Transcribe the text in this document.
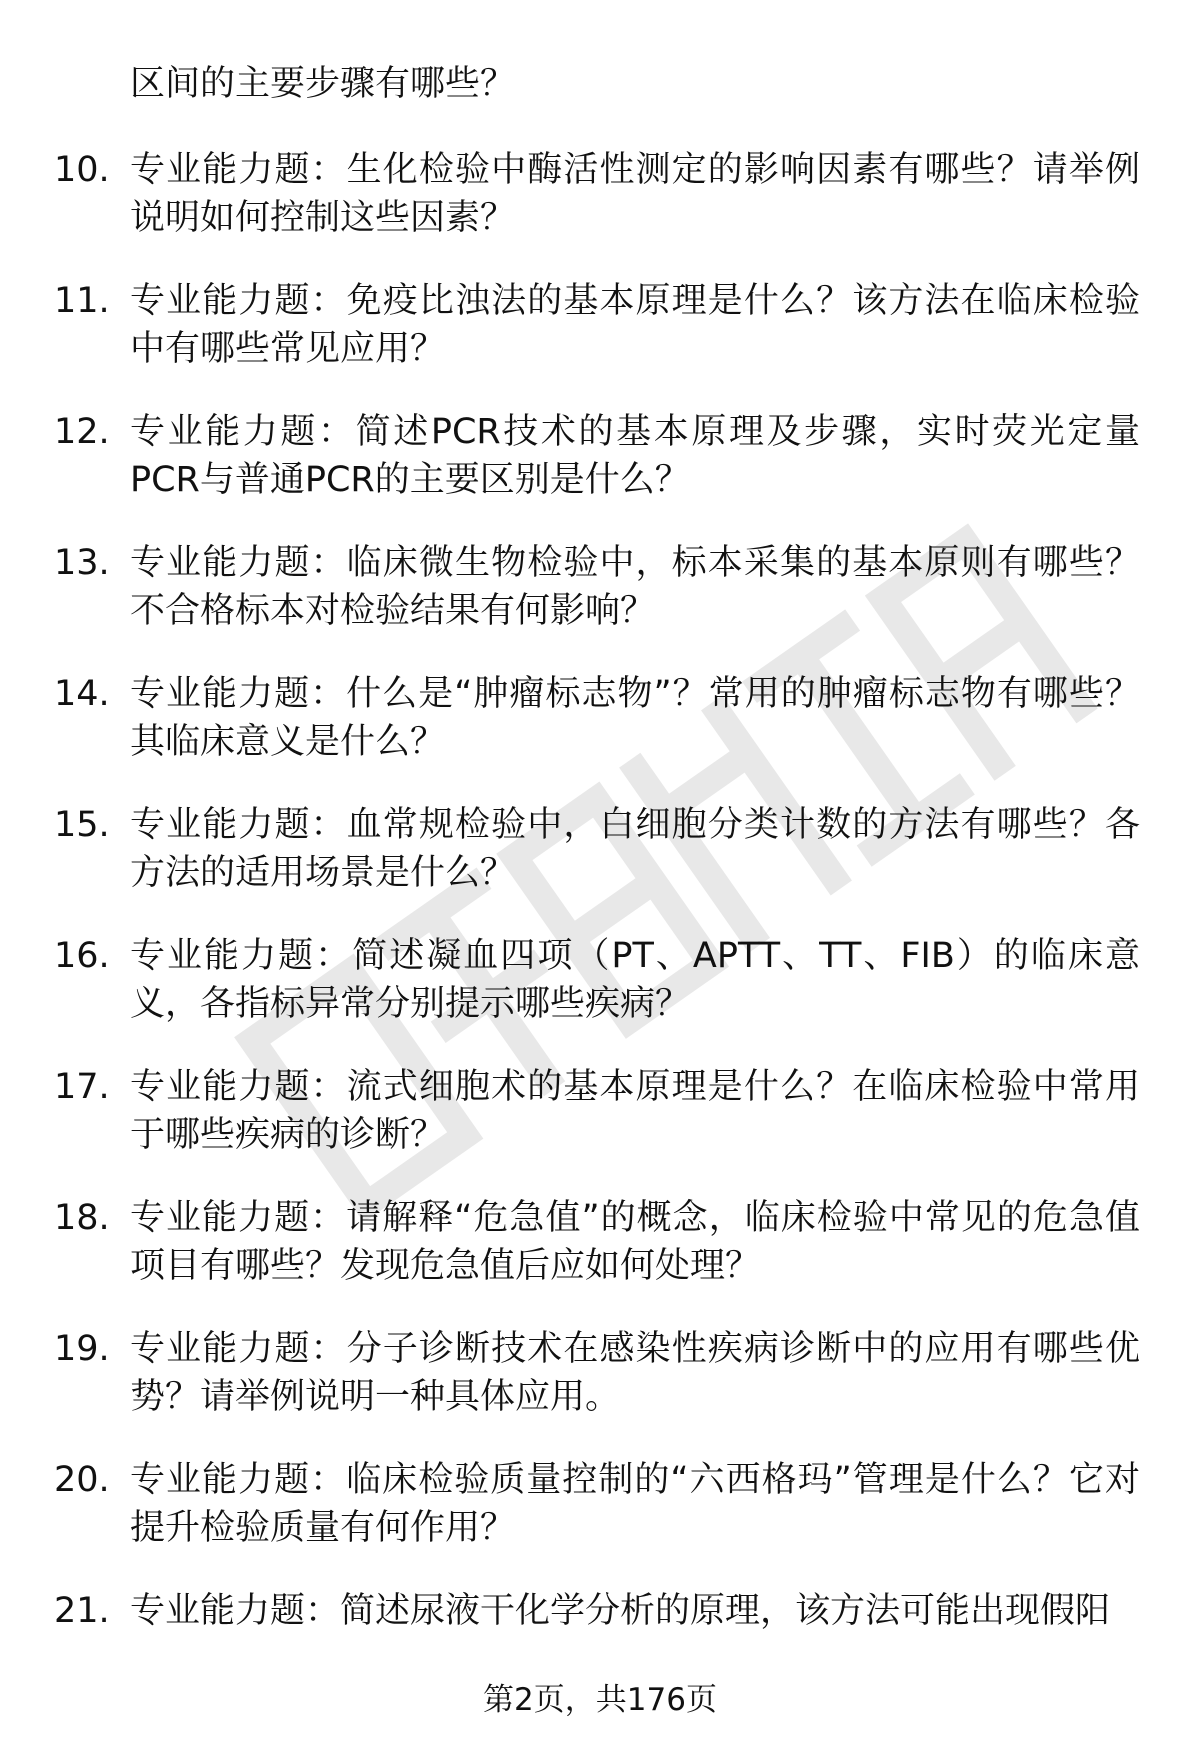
区间的主要步骤有哪些？
10. 专业能力题：生化检验中酶活性测定的影响因素有哪些？请举例说明如何控制这些因素？
11. 专业能力题：免疫比浊法的基本原理是什么？该方法在临床检验中有哪些常见应用？
12. 专业能力题：简述PCR技术的基本原理及步骤，实时荧光定量PCR与普通PCR的主要区别是什么？
13. 专业能力题：临床微生物检验中，标本采集的基本原则有哪些？不合格标本对检验结果有何影响？
14. 专业能力题：什么是“肿瘤标志物”？常用的肿瘤标志物有哪些？其临床意义是什么？
15. 专业能力题：血常规检验中，白细胞分类计数的方法有哪些？各方法的适用场景是什么？
16. 专业能力题：简述凝血四项（PT、APTT、TT、FIB）的临床意义，各指标异常分别提示哪些疾病？
17. 专业能力题：流式细胞术的基本原理是什么？在临床检验中常用于哪些疾病的诊断？
18. 专业能力题：请解释“危急值”的概念，临床检验中常见的危急值项目有哪些？发现危急值后应如何处理？
19. 专业能力题：分子诊断技术在感染性疾病诊断中的应用有哪些优势？请举例说明一种具体应用。
20. 专业能力题：临床检验质量控制的“六西格玛”管理是什么？它对提升检验质量有何作用？
21. 专业能力题：简述尿液干化学分析的原理，该方法可能出现假阳
第2页，共176页
